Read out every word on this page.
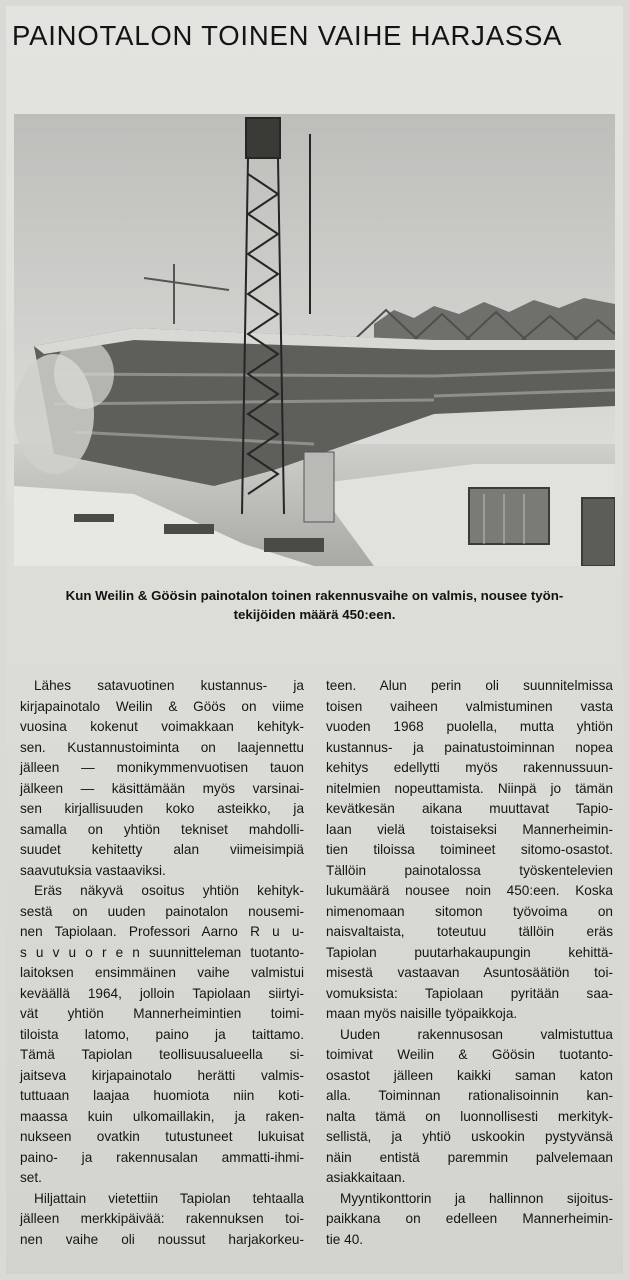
PAINOTALON TOINEN VAIHE HARJASSA
Kun Weilin & Göösin painotalon toinen rakennusvaihe on valmis, nousee työn-
tekijöiden määrä 450:een.
Lähes satavuotinen kustannus- ja
kirjapainotalo Weilin & Göös on viime
vuosina kokenut voimakkaan kehityk-
sen. Kustannustoiminta on laajennettu
jälleen — monikymmenvuotisen tauon
jälkeen — käsittämään myös varsinai-
sen kirjallisuuden koko asteikko, ja
samalla on yhtiön tekniset mahdolli-
suudet kehitetty alan viimeisimpiä
saavutuksia vastaaviksi.
Eräs näkyvä osoitus yhtiön kehityk-
sestä on uuden painotalon nousemi-
nen Tapiolaan. Professori Aarno R u u-
s u v u o r e n suunnitteleman tuotanto-
laitoksen ensimmäinen vaihe valmistui
keväällä 1964, jolloin Tapiolaan siirtyi-
vät yhtiön Mannerheimintien toimi-
tiloista latomo, paino ja taittamo.
Tämä Tapiolan teollisuusalueella si-
jaitseva kirjapainotalo herätti valmis-
tuttuaan laajaa huomiota niin koti-
maassa kuin ulkomaillakin, ja raken-
nukseen ovatkin tutustuneet lukuisat
paino- ja rakennusalan ammatti-ihmi-
set.
Hiljattain vietettiin Tapiolan tehtaalla
jälleen merkkipäivää: rakennuksen toi-
nen vaihe oli noussut harjakorkeu-
teen. Alun perin oli suunnitelmissa
toisen vaiheen valmistuminen vasta
vuoden 1968 puolella, mutta yhtiön
kustannus- ja painatustoiminnan nopea
kehitys edellytti myös rakennussuun-
nitelmien nopeuttamista. Niinpä jo tämän
kevätkesän aikana muuttavat Tapio-
laan vielä toistaiseksi Mannerheimin-
tien tiloissa toimineet sitomo-osastot.
Tällöin painotalossa työskentelevien
lukumäärä nousee noin 450:een. Koska
nimenomaan sitomon työvoima on
naisvaltaista, toteutuu tällöin eräs
Tapiolan puutarhakaupungin kehittä-
misestä vastaavan Asuntosäätiön toi-
vomuksista: Tapiolaan pyritään saa-
maan myös naisille työpaikkoja.
Uuden rakennusosan valmistuttua
toimivat Weilin & Göösin tuotanto-
osastot jälleen kaikki saman katon
alla. Toiminnan rationalisoinnin kan-
nalta tämä on luonnollisesti merkityk-
sellistä, ja yhtiö uskookin pystyvänsä
näin entistä paremmin palvelemaan
asiakkaitaan.
Myyntikonttorin ja hallinnon sijoitus-
paikkana on edelleen Mannerheimin-
tie 40.
